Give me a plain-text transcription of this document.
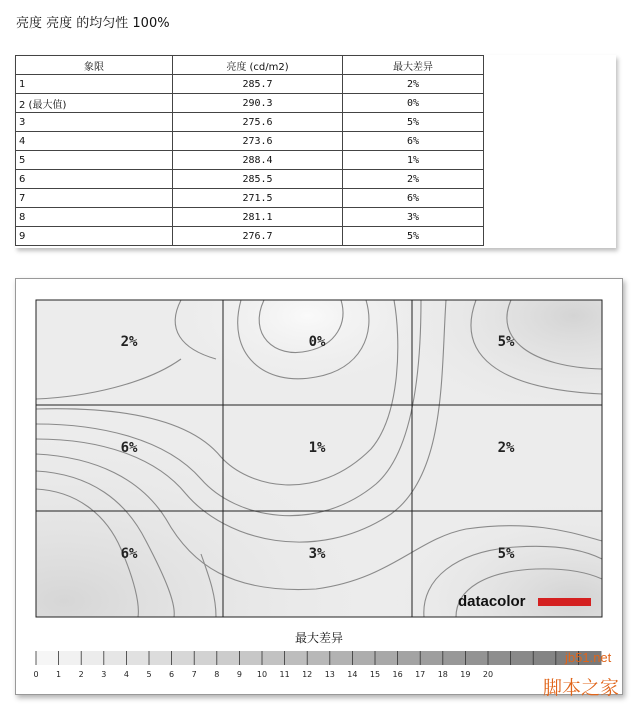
亮度 亮度 的均匀性 100%
象限	亮度 (cd/m2)	最大差异
1	285.7	2%
2 (最大值)	290.3	0%
3	275.6	5%
4	273.6	6%
5	288.4	1%
6	285.5	2%
7	271.5	6%
8	281.1	3%
9	276.7	5%
2%	0%	5%
6%	1%	2%
6%	3%	5%
datacolor
最大差异
0 1 2 3 4 5 6 7 8 9 10 11 12 13 14 15 16 17 18 19 20
jb51.net
脚本之家
